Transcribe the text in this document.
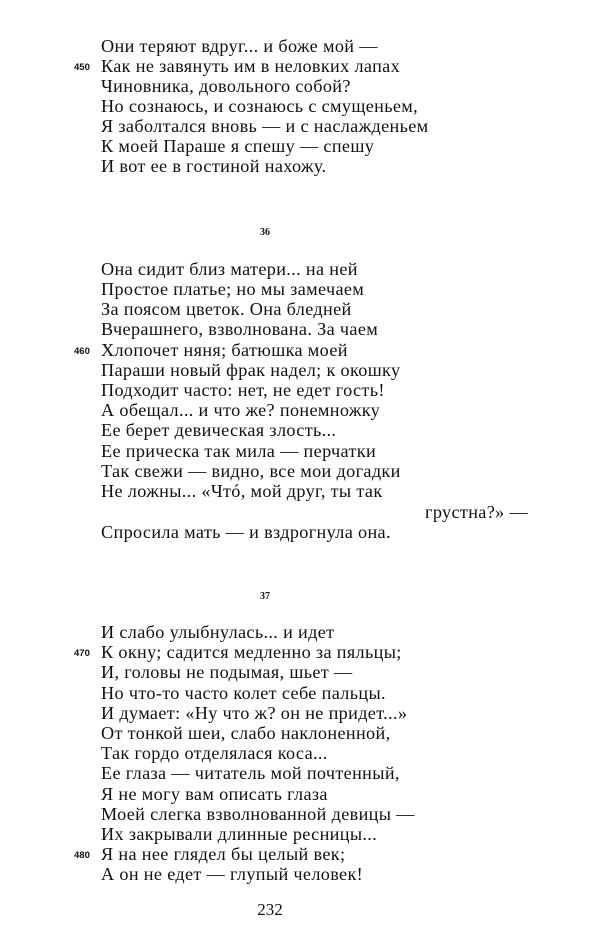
Они теряют вдруг... и боже мой —
450 Как не завянуть им в неловких лапах
Чиновника, довольного собой?
Но сознаюсь, и сознаюсь с смущеньем,
Я заболтался вновь — и с наслажденьем
К моей Параше я спешу — спешу
И вот ее в гостиной нахожу.
36
Она сидит близ матери... на ней
Простое платье; но мы замечаем
За поясом цветок. Она бледней
Вчерашнего, взволнована. За чаем
460 Хлопочет няня; батюшка моей
Параши новый фрак надел; к окошку
Подходит часто: нет, не едет гость!
А обещал... и что же? понемножку
Ее берет девическая злость...
Ее прическа так мила — перчатки
Так свежи — видно, все мои догадки
Не ложны... «Чтó, мой друг, ты так
грустна?» —
Спросила мать — и вздрогнула она.
37
И слабо улыбнулась... и идет
470 К окну; садится медленно за пяльцы;
И, головы не подымая, шьет —
Но что-то часто колет себе пальцы.
И думает: «Ну что ж? он не придет...»
От тонкой шеи, слабо наклоненной,
Так гордо отделялася коса...
Ее глаза — читатель мой почтенный,
Я не могу вам описать глаза
Моей слегка взволнованной девицы —
Их закрывали длинные ресницы...
480 Я на нее глядел бы целый век;
А он не едет — глупый человек!
232
